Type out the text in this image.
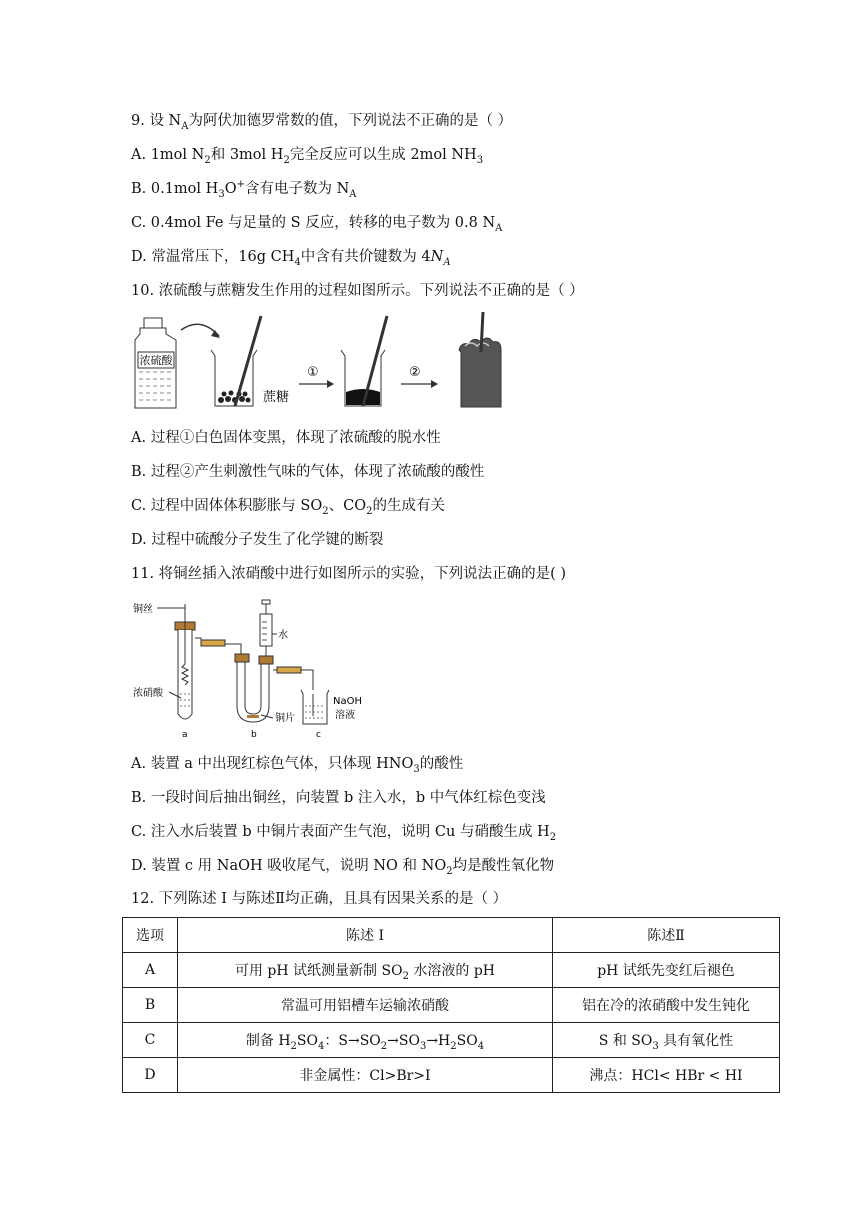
9. 设 $N_A$为阿伏加德罗常数的值，下列说法不正确的是（ ）
A. 1mol $N_2$和 3mol $H_2$完全反应可以生成 2mol $NH_3$
B. 0.1mol $H_3O^+$含有电子数为 $N_A$
C. 0.4mol Fe 与足量的 S 反应，转移的电子数为 0.8 $N_A$
D. 常温常压下，16g $CH_4$中含有共价键数为 $4N_A$
10. 浓硫酸与蔗糖发生作用的过程如图所示。下列说法不正确的是（ ）
浓硫酸
蔗糖
①	②
A. 过程①白色固体变黑，体现了浓硫酸的脱水性
B. 过程②产生刺激性气味的气体，体现了浓硫酸的酸性
C. 过程中固体体积膨胀与 $SO_2$、$CO_2$的生成有关
D. 过程中硫酸分子发生了化学键的断裂
11. 将铜丝插入浓硝酸中进行如图所示的实验，下列说法正确的是( )
铜丝
浓硝酸
a
水
铜片
b
NaOH
溶液
c
A. 装置 a 中出现红棕色气体，只体现 $HNO_3$的酸性
B. 一段时间后抽出铜丝，向装置 b 注入水，b 中气体红棕色变浅
C. 注入水后装置 b 中铜片表面产生气泡，说明 Cu 与硝酸生成 $H_2$
D. 装置 c 用 NaOH 吸收尾气，说明 NO 和 $NO_2$均是酸性氧化物
12. 下列陈述 I 与陈述Ⅱ均正确，且具有因果关系的是（ ）
选项	陈述 I	陈述Ⅱ
A	可用 pH 试纸测量新制 $SO_2$ 水溶液的 pH	pH 试纸先变红后褪色
B	常温可用铝槽车运输浓硝酸	铝在冷的浓硝酸中发生钝化
C	制备 $H_2SO_4$：$S\to SO_2\to SO_3\to H_2SO_4$	S 和 $SO_3$ 具有氧化性
D	非金属性：Cl>Br>I	沸点：HCl< HBr < HI
